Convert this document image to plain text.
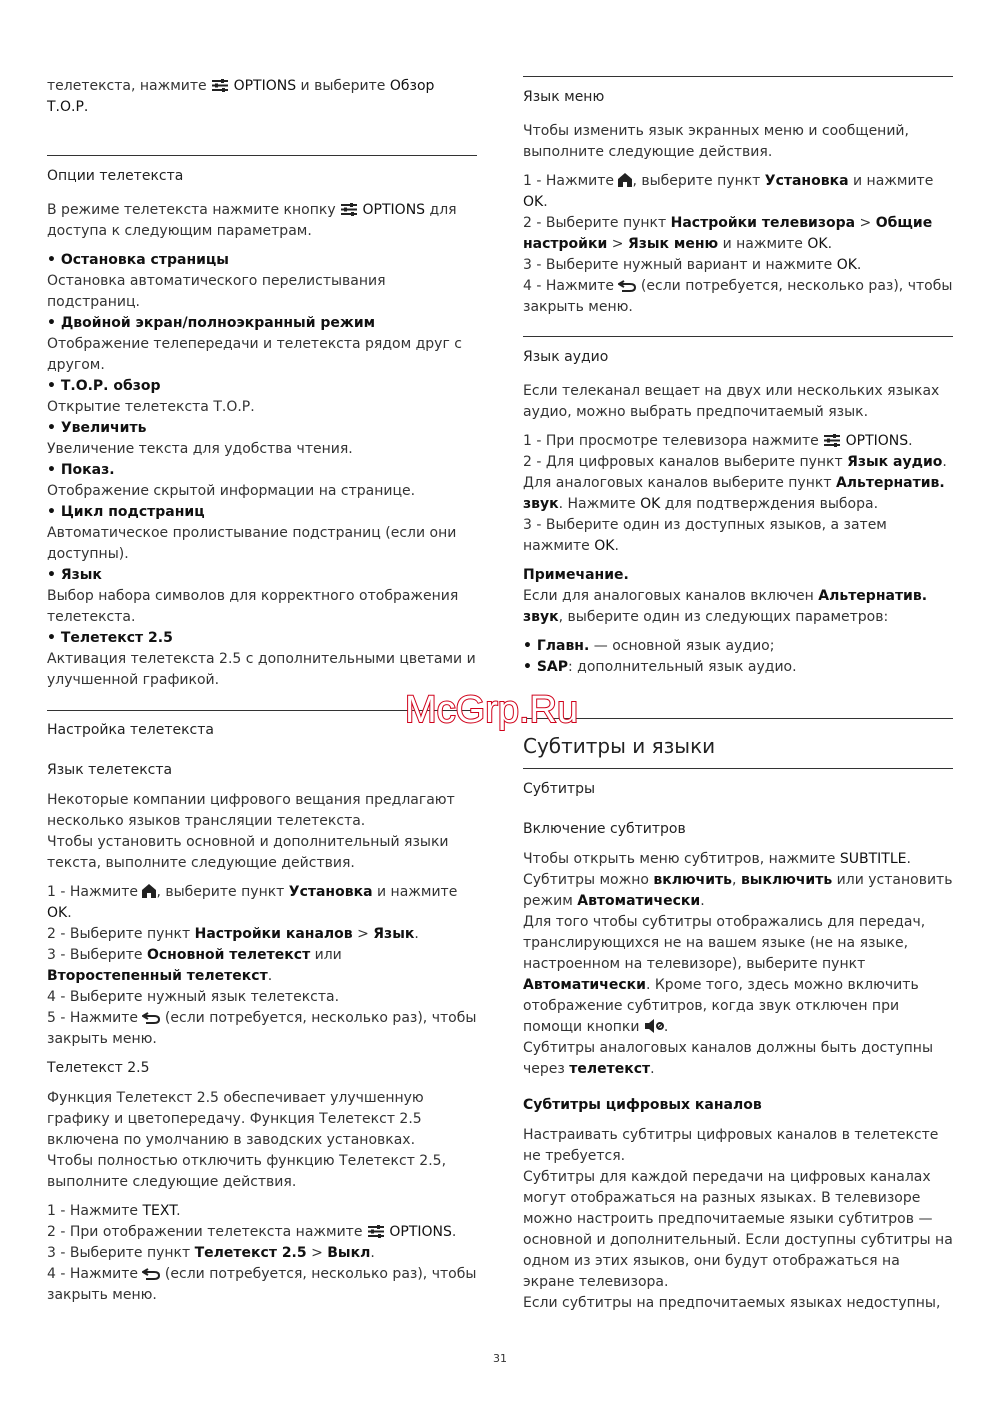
телетекста, нажмите  OPTIONS и выберите Обзор Т.О.Р.

Опции телетекста

В режиме телетекста нажмите кнопку  OPTIONS для доступа к следующим параметрам.

• Остановка страницы

Остановка автоматического перелистывания подстраниц.

• Двойной экран/полноэкранный режим

Отображение телепередачи и телетекста рядом друг с другом.

• Т.О.Р. обзор

Открытие телетекста Т.О.Р.

• Увеличить

Увеличение текста для удобства чтения.

• Показ.

Отображение скрытой информации на странице.

• Цикл подстраниц

Автоматическое пролистывание подстраниц (если они доступны).

• Язык

Выбор набора символов для корректного отображения телетекста.

• Телетекст 2.5

Активация телетекста 2.5 с дополнительными цветами и улучшенной графикой.

Настройка телетекста

Язык телетекста

Некоторые компании цифрового вещания предлагают несколько языков трансляции телетекста.

Чтобы установить основной и дополнительный языки текста, выполните следующие действия.

1 - Нажмите , выберите пункт Установка и нажмите OK.

2 - Выберите пункт Настройки каналов > Язык.

3 - Выберите Основной телетекст или Второстепенный телетекст.

4 - Выберите нужный язык телетекста.

5 - Нажмите  (если потребуется, несколько раз), чтобы закрыть меню.

Телетекст 2.5

Функция Телетекст 2.5 обеспечивает улучшенную графику и цветопередачу. Функция Телетекст 2.5 включена по умолчанию в заводских установках.

Чтобы полностью отключить функцию Телетекст 2.5, выполните следующие действия.

1 - Нажмите TEXT.

2 - При отображении телетекста нажмите  OPTIONS.

3 - Выберите пункт Телетекст 2.5 > Выкл.

4 - Нажмите  (если потребуется, несколько раз), чтобы закрыть меню.

Язык меню

Чтобы изменить язык экранных меню и сообщений, выполните следующие действия.

1 - Нажмите , выберите пункт Установка и нажмите OK.

2 - Выберите пункт Настройки телевизора > Общие настройки > Язык меню и нажмите OK.

3 - Выберите нужный вариант и нажмите OK.

4 - Нажмите  (если потребуется, несколько раз), чтобы закрыть меню.

Язык аудио

Если телеканал вещает на двух или нескольких языках аудио, можно выбрать предпочитаемый язык.

1 - При просмотре телевизора нажмите  OPTIONS.

2 - Для цифровых каналов выберите пункт Язык аудио. Для аналоговых каналов выберите пункт Альтернатив. звук. Нажмите OK для подтверждения выбора.

3 - Выберите один из доступных языков, а затем нажмите OK.

Примечание.

Если для аналоговых каналов включен Альтернатив. звук, выберите один из следующих параметров:

• Главн. — основной язык аудио;

• SAP: дополнительный язык аудио.

Субтитры и языки

Субтитры

Включение субтитров

Чтобы открыть меню субтитров, нажмите SUBTITLE.

Субтитры можно включить, выключить или установить режим Автоматически.

Для того чтобы субтитры отображались для передач, транслирующихся не на вашем языке (не на языке, настроенном на телевизоре), выберите пункт Автоматически. Кроме того, здесь можно включить отображение субтитров, когда звук отключен при помощи кнопки .

Субтитры аналоговых каналов должны быть доступны через телетекст.

Субтитры цифровых каналов

Настраивать субтитры цифровых каналов в телетексте не требуется.

Субтитры для каждой передачи на цифровых каналах могут отображаться на разных языках. В телевизоре можно настроить предпочитаемые языки субтитров — основной и дополнительный. Если доступны субтитры на одном из этих языков, они будут отображаться на экране телевизора.

Если субтитры на предпочитаемых языках недоступны,

McGrp.Ru
31
